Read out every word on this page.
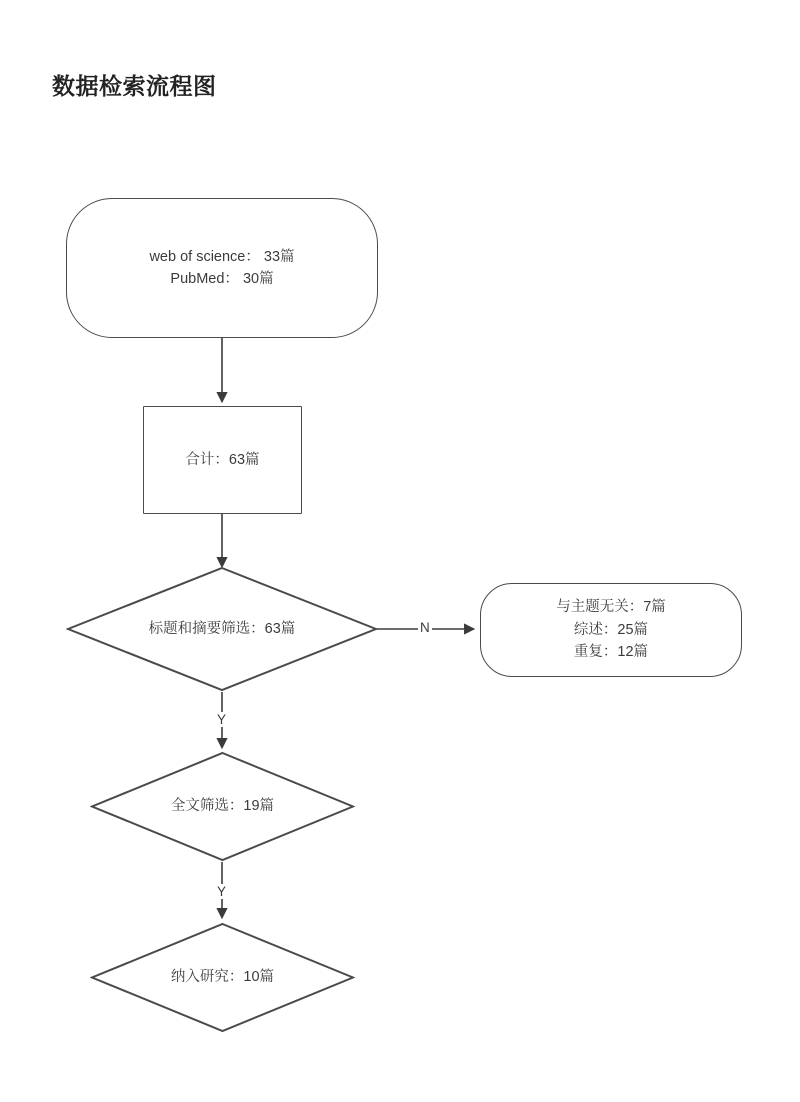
数据检索流程图
web of science： 33篇
PubMed： 30篇
合计：63篇
标题和摘要筛选：63篇
与主题无关：7篇
综述：25篇
重复：12篇
全文筛选：19篇
纳入研究：10篇
N
Y
Y
